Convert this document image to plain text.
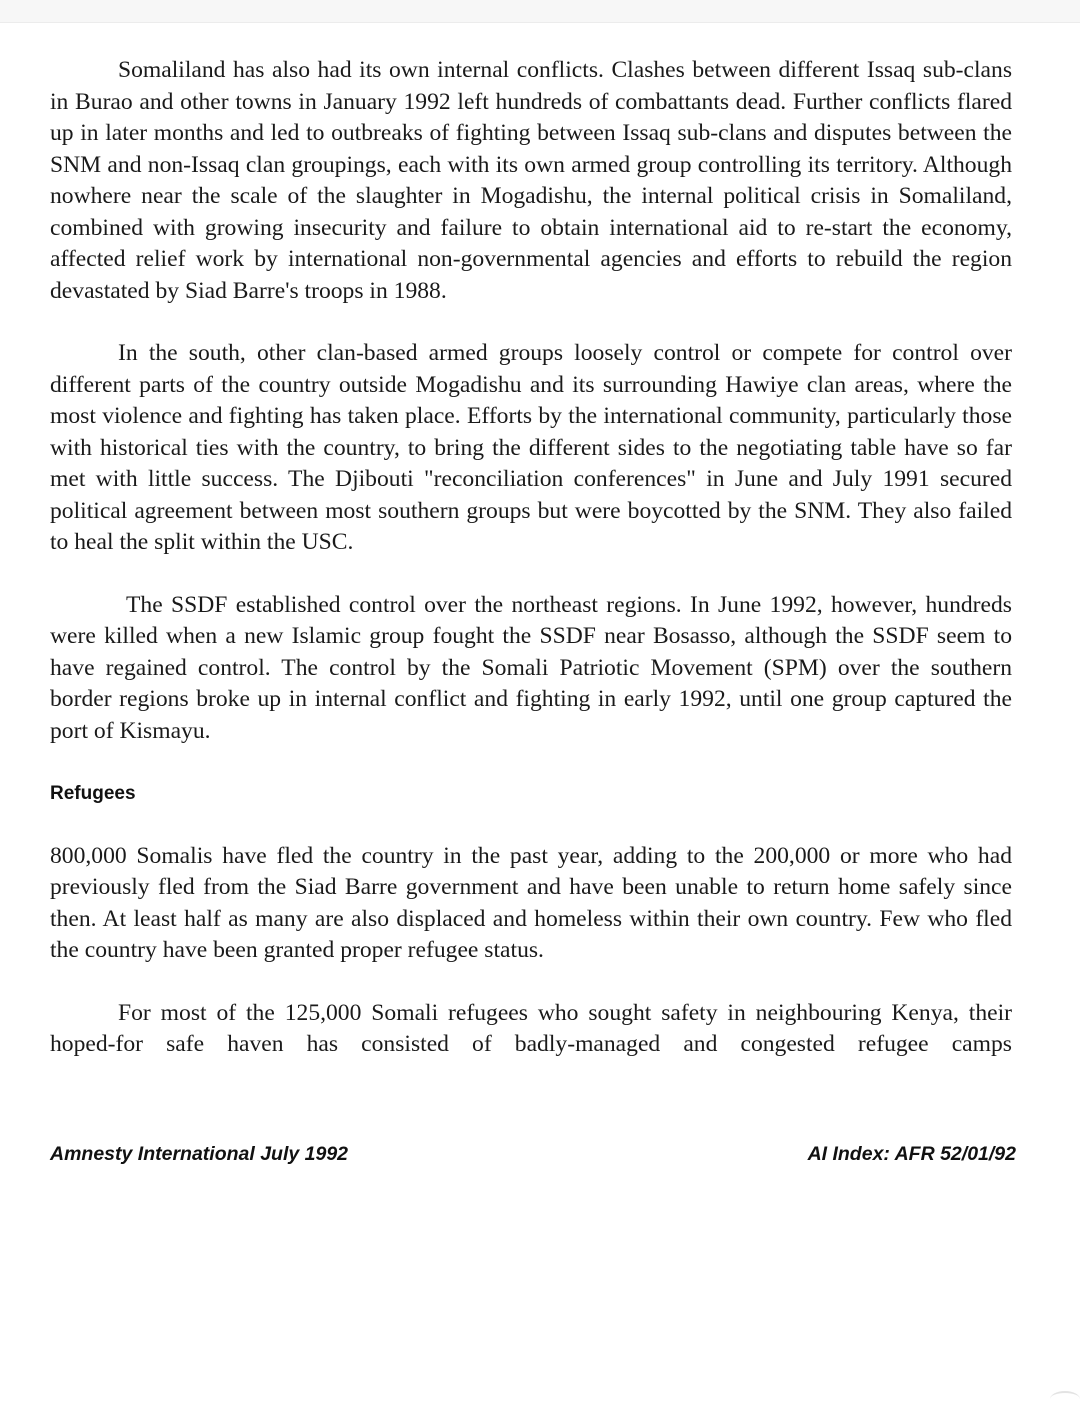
Somaliland has also had its own internal conflicts. Clashes between different Issaq sub-clans in Burao and other towns in January 1992 left hundreds of combattants dead. Further conflicts flared up in later months and led to outbreaks of fighting between Issaq sub-clans and disputes between the SNM and non-Issaq clan groupings, each with its own armed group controlling its territory. Although nowhere near the scale of the slaughter in Mogadishu, the internal political crisis in Somaliland, combined with growing insecurity and failure to obtain international aid to re-start the economy, affected relief work by international non-governmental agencies and efforts to rebuild the region devastated by Siad Barre's troops in 1988.

In the south, other clan-based armed groups loosely control or compete for control over different parts of the country outside Mogadishu and its surrounding Hawiye clan areas, where the most violence and fighting has taken place. Efforts by the international community, particularly those with historical ties with the country, to bring the different sides to the negotiating table have so far met with little success. The Djibouti "reconciliation conferences" in June and July 1991 secured political agreement between most southern groups but were boycotted by the SNM. They also failed to heal the split within the USC.

The SSDF established control over the northeast regions. In June 1992, however, hundreds were killed when a new Islamic group fought the SSDF near Bosasso, although the SSDF seem to have regained control. The control by the Somali Patriotic Movement (SPM) over the southern border regions broke up in internal conflict and fighting in early 1992, until one group captured the port of Kismayu.

Refugees

800,000 Somalis have fled the country in the past year, adding to the 200,000 or more who had previously fled from the Siad Barre government and have been unable to return home safely since then. At least half as many are also displaced and homeless within their own country. Few who fled the country have been granted proper refugee status.

For most of the 125,000 Somali refugees who sought safety in neighbouring Kenya, their hoped-for safe haven has consisted of badly-managed and congested refugee camps

Amnesty International July 1992	AI Index: AFR 52/01/92
